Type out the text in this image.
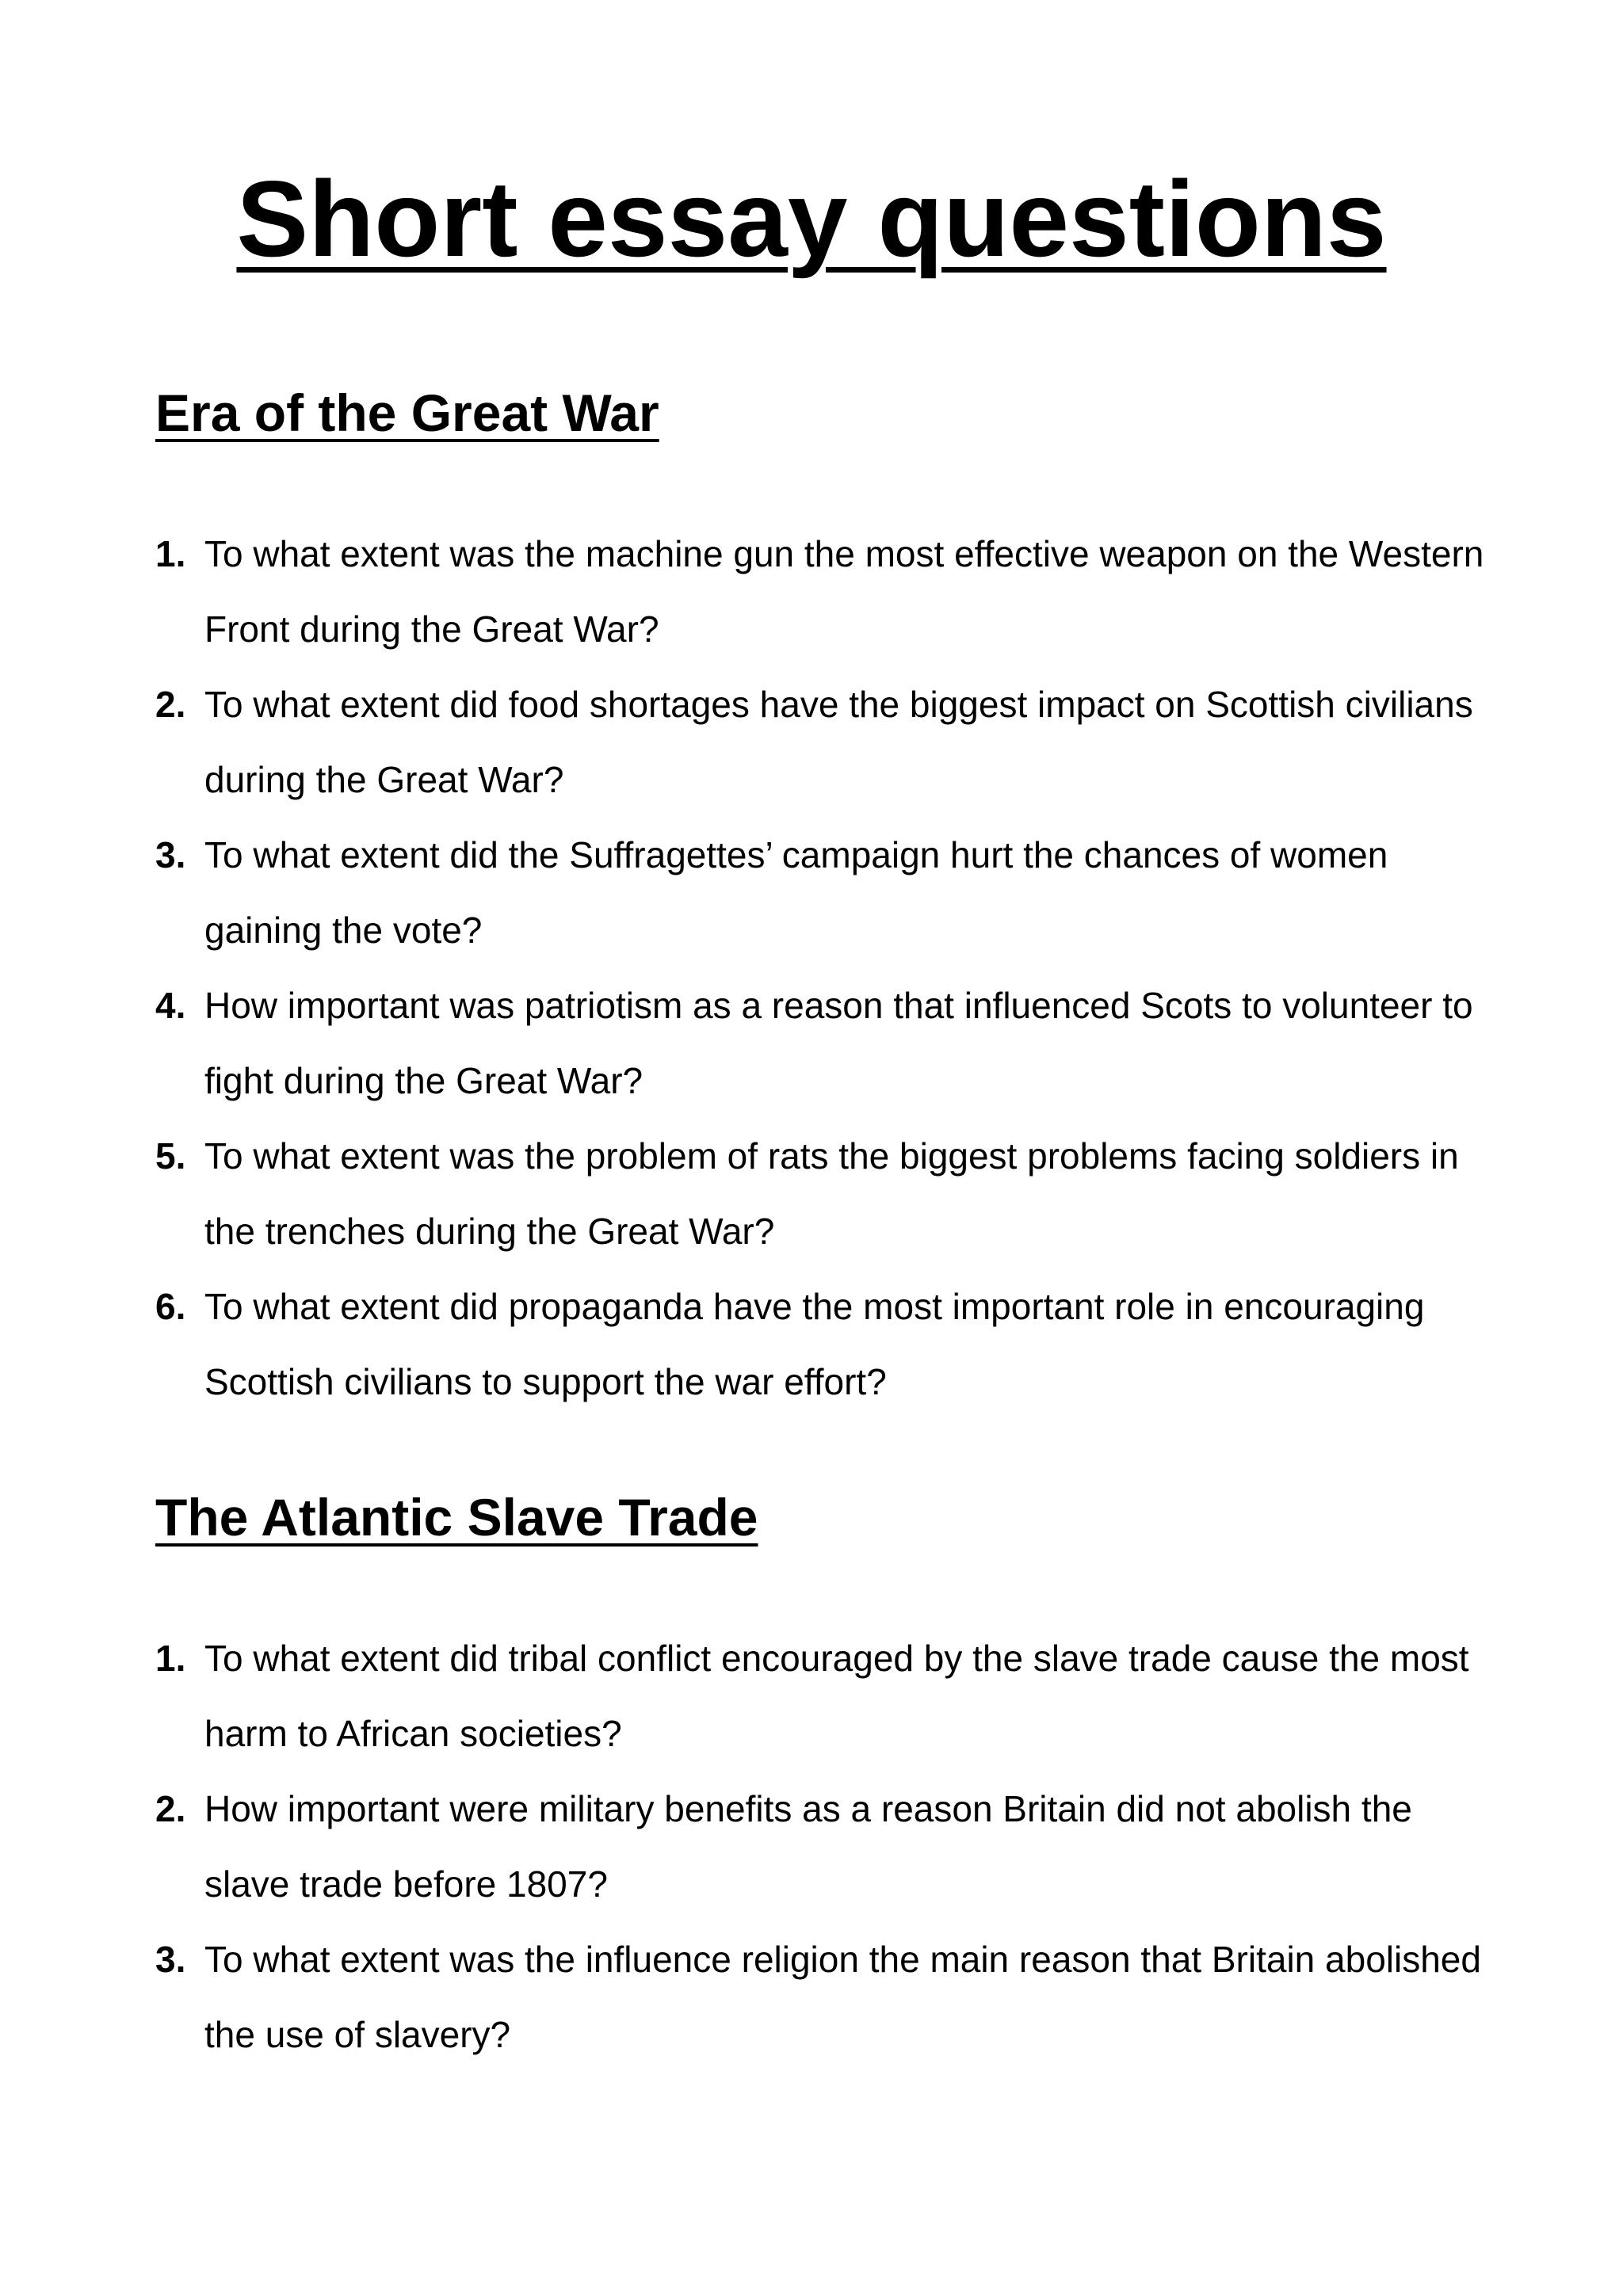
Short essay questions
Era of the Great War
1. To what extent was the machine gun the most effective weapon on the Western Front during the Great War?
2. To what extent did food shortages have the biggest impact on Scottish civilians during the Great War?
3. To what extent did the Suffragettes’ campaign hurt the chances of women gaining the vote?
4. How important was patriotism as a reason that influenced Scots to volunteer to fight during the Great War?
5. To what extent was the problem of rats the biggest problems facing soldiers in the trenches during the Great War?
6. To what extent did propaganda have the most important role in encouraging Scottish civilians to support the war effort?
The Atlantic Slave Trade
1. To what extent did tribal conflict encouraged by the slave trade cause the most harm to African societies?
2. How important were military benefits as a reason Britain did not abolish the slave trade before 1807?
3. To what extent was the influence religion the main reason that Britain abolished the use of slavery?
